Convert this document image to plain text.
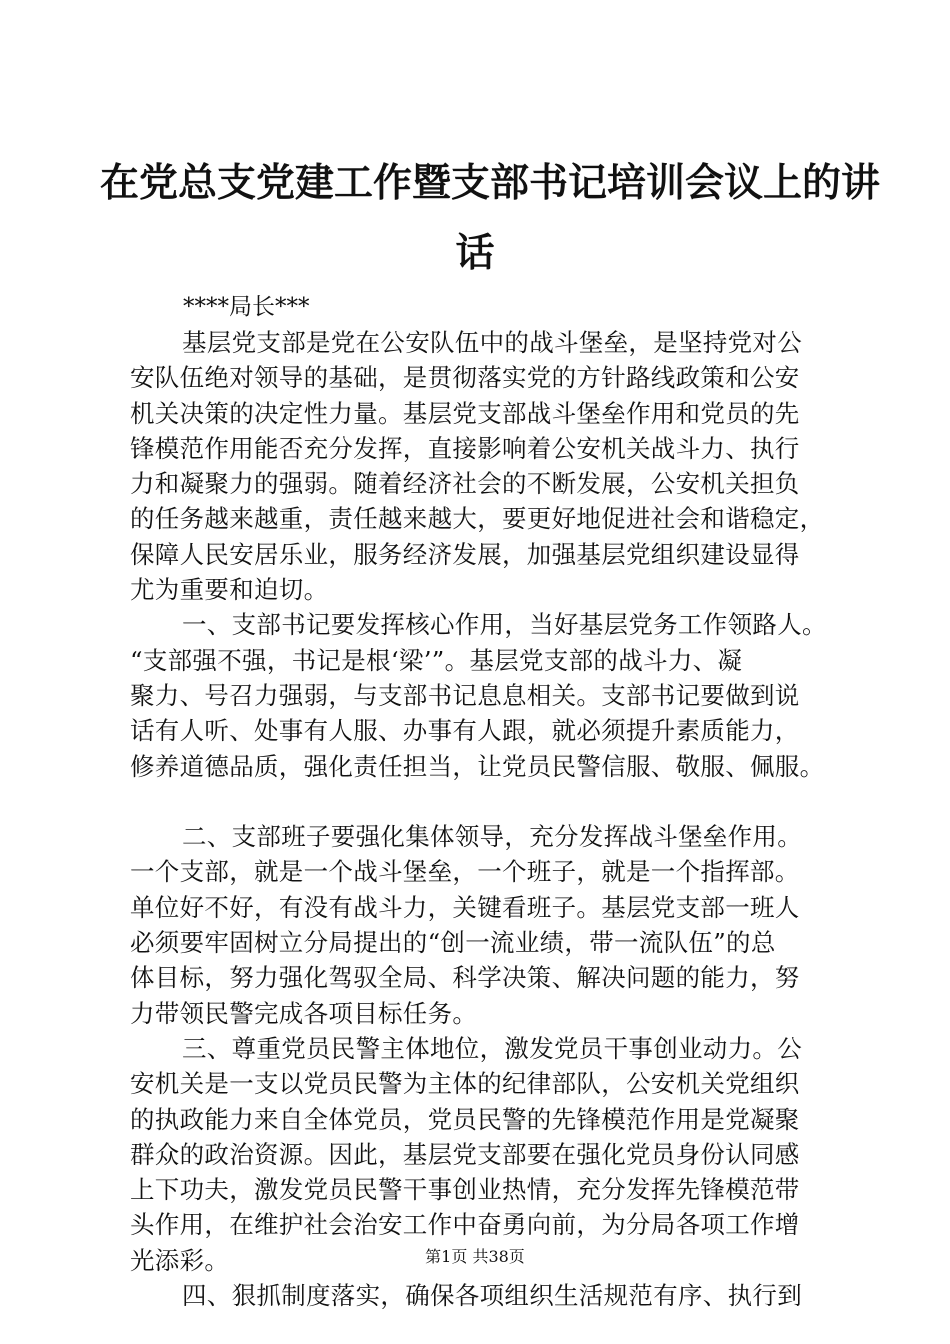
在党总支党建工作暨支部书记培训会议上的讲
话
****局长***
基层党支部是党在公安队伍中的战斗堡垒，是坚持党对公
安队伍绝对领导的基础，是贯彻落实党的方针路线政策和公安
机关决策的决定性力量。基层党支部战斗堡垒作用和党员的先
锋模范作用能否充分发挥，直接影响着公安机关战斗力、执行
力和凝聚力的强弱。随着经济社会的不断发展，公安机关担负
的任务越来越重，责任越来越大，要更好地促进社会和谐稳定，
保障人民安居乐业，服务经济发展，加强基层党组织建设显得
尤为重要和迫切。
一、支部书记要发挥核心作用，当好基层党务工作领路人。
“支部强不强，书记是根‘梁’”。基层党支部的战斗力、凝
聚力、号召力强弱，与支部书记息息相关。支部书记要做到说
话有人听、处事有人服、办事有人跟，就必须提升素质能力，
修养道德品质，强化责任担当，让党员民警信服、敬服、佩服。
二、支部班子要强化集体领导，充分发挥战斗堡垒作用。
一个支部，就是一个战斗堡垒，一个班子，就是一个指挥部。
单位好不好，有没有战斗力，关键看班子。基层党支部一班人
必须要牢固树立分局提出的“创一流业绩，带一流队伍”的总
体目标，努力强化驾驭全局、科学决策、解决问题的能力，努
力带领民警完成各项目标任务。
三、尊重党员民警主体地位，激发党员干事创业动力。公
安机关是一支以党员民警为主体的纪律部队，公安机关党组织
的执政能力来自全体党员，党员民警的先锋模范作用是党凝聚
群众的政治资源。因此，基层党支部要在强化党员身份认同感
上下功夫，激发党员民警干事创业热情，充分发挥先锋模范带
头作用，在维护社会治安工作中奋勇向前，为分局各项工作增
光添彩。
四、狠抓制度落实，确保各项组织生活规范有序、执行到
第1页 共38页
